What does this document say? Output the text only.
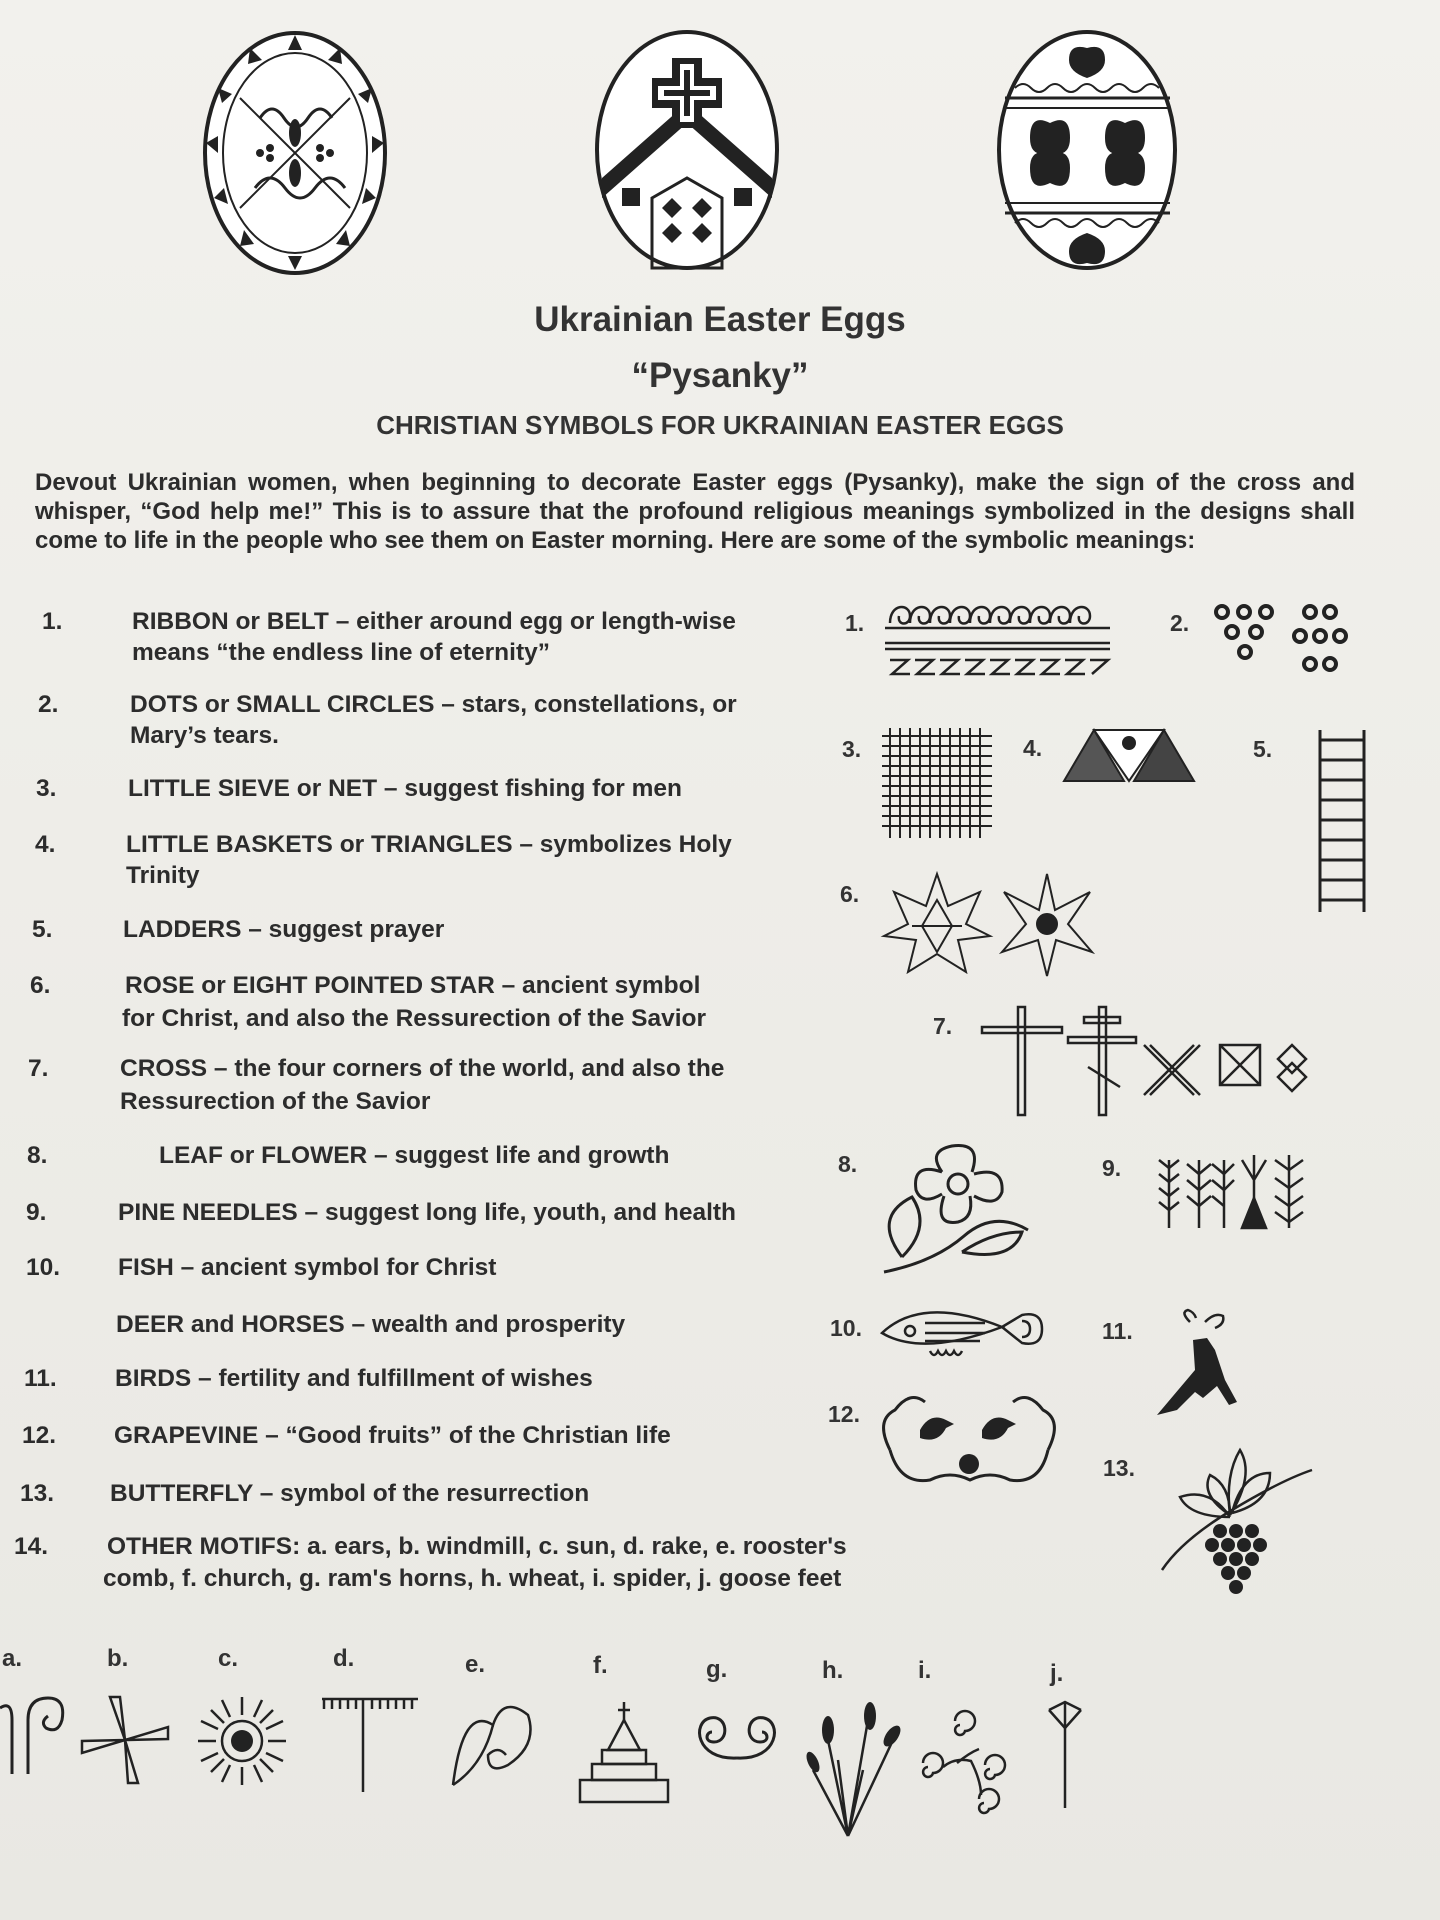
Ukrainian Easter Eggs
“Pysanky”
CHRISTIAN SYMBOLS FOR UKRAINIAN EASTER EGGS
Devout Ukrainian women, when beginning to decorate Easter eggs (Pysanky), make the sign of the cross and whisper, “God help me!” This is to assure that the profound religious meanings symbolized in the designs shall come to life in the people who see them on Easter morning. Here are some of the symbolic meanings:
1.	RIBBON or BELT – either around egg or length-wise
means “the endless line of eternity”
2.	DOTS or SMALL CIRCLES – stars, constellations, or
Mary’s tears.
3.	LITTLE SIEVE or NET – suggest fishing for men
4.	LITTLE BASKETS or TRIANGLES – symbolizes Holy
Trinity
5.	LADDERS – suggest prayer
6.	ROSE or EIGHT POINTED STAR – ancient symbol
for Christ, and also the Ressurection of the Savior
7.	CROSS – the four corners of the world, and also the
Ressurection of the Savior
8.	LEAF or FLOWER – suggest life and growth
9.	PINE NEEDLES – suggest long life, youth, and health
10. FISH – ancient symbol for Christ
DEER and HORSES – wealth and prosperity
11. BIRDS – fertility and fulfillment of wishes
12. GRAPEVINE – “Good fruits” of the Christian life
13. BUTTERFLY – symbol of the resurrection
14. OTHER MOTIFS: a. ears, b. windmill, c. sun, d. rake, e. rooster's
comb, f. church, g. ram's horns, h. wheat, i. spider, j. goose feet
1.	2.
3.	4.	5.
6.
7.
8.	9.
10.	11.
12.
13.
a.	b.	c.	d.	e.	f.	g.	h.	i.	j.
